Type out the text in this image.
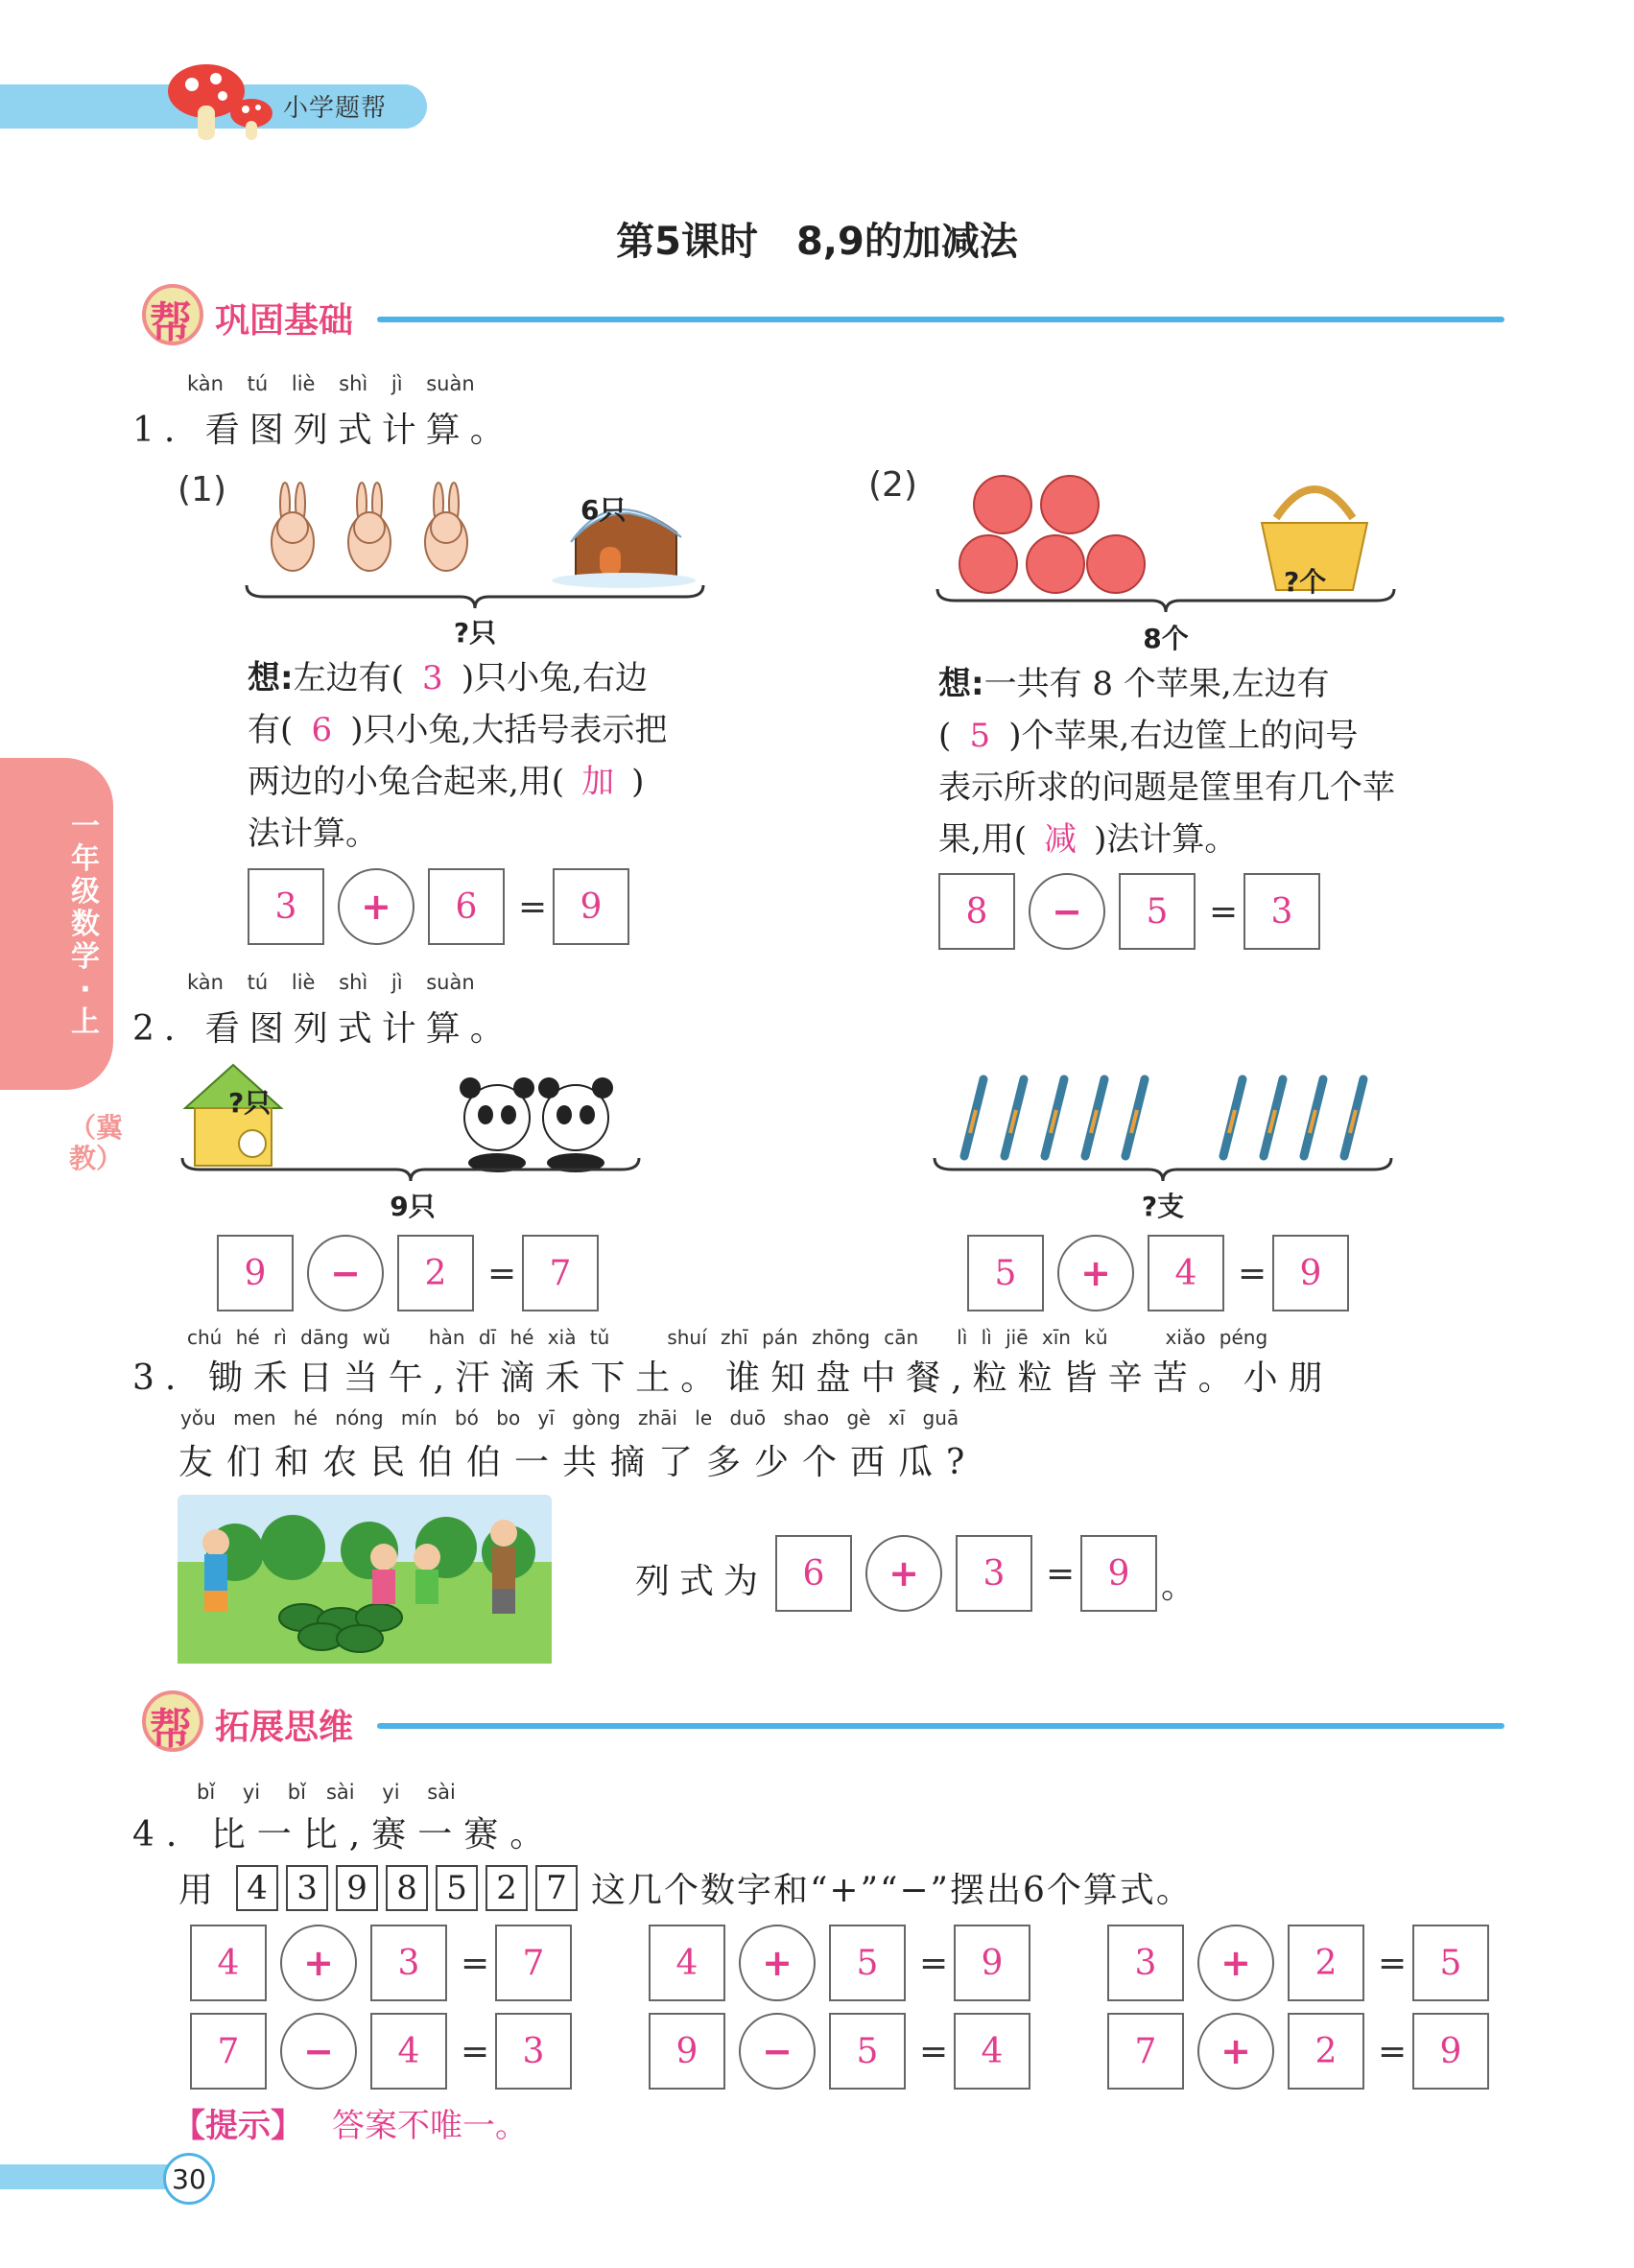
小学题帮
一年级数学·上
（冀教）
第5课时　8,9的加减法
帮 巩固基础
kàn tú liè shì jì suàn
1. 看图列式计算。
(1)
6只
?只
想:左边有( 3 )只小兔,右边
有( 6 )只小兔,大括号表示把
两边的小兔合起来,用( 加 )
法计算。
3	+	6	= 9
(2)
?个
8个
想:一共有 8 个苹果,左边有
( 5 )个苹果,右边筐上的问号
表示所求的问题是筐里有几个苹
果,用( 减 )法计算。
8	−	5	= 3
kàn tú liè shì jì suàn
2. 看图列式计算。
?只
9只
9	−	2	= 7
?支
5	+	4	= 9
chú hé rì dāng wǔ　　hàn dī hé xià tǔ　　　shuí zhī pán zhōng cān　　lì lì jiē xīn kǔ　　　xiǎo péng
3. 锄禾日当午,汗滴禾下土。谁知盘中餐,粒粒皆辛苦。小朋
yǒu men hé nóng mín bó bo yī gòng zhāi le duō shao gè xī guā
友们和农民伯伯一共摘了多少个西瓜?
列式为	6	+	3	= 9 。
帮 拓展思维
bǐ yi bǐ　sài yi sài
4. 比一比,赛一赛。
用 4 3 9 8 5 2 7 这几个数字和“+”“−”摆出6个算式。
4	+	3	= 7	4	+	5	= 9	3	+	2	= 5
7	−	4	= 3	9	−	5	= 4	7	+	2	= 9
【提示】 答案不唯一。
30
